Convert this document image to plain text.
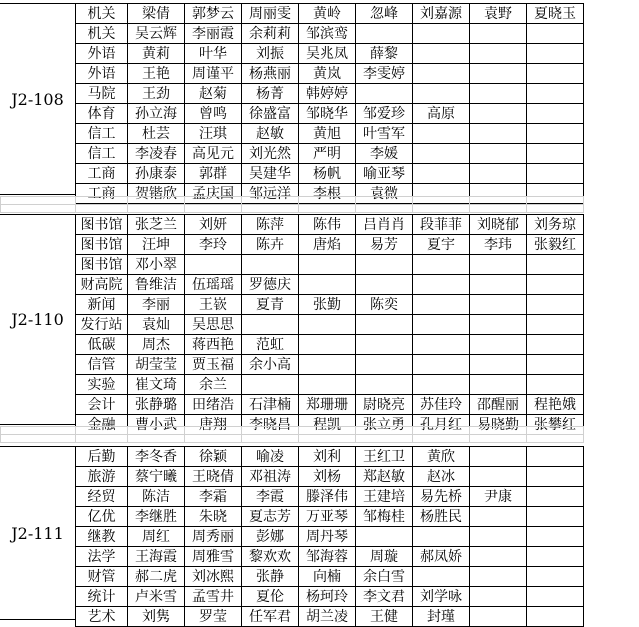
J2-108
机关	梁倩	郭梦云	周丽雯	黄岭	忽峰	刘嘉源	袁野	夏晓玉
机关	吴云辉	李丽霞	余莉莉	邹滨鸾				
外语	黄莉	叶华	刘振	吴兆凤	薛黎			
外语	王艳	周谨平	杨燕丽	黄岚	李雯婷			
马院	王劲	赵菊	杨菁	韩婷婷				
体育	孙立海	曾鸣	徐盛富	邹晓华	邹爱珍	高原		
信工	杜芸	汪琪	赵敏	黄旭	叶雪军			
信工	李凌春	高见元	刘光然	严明	李媛			
工商	孙康泰	郭群	吴建华	杨帆	喻亚琴			
工商	贺锴欣	孟庆国	邹远洋	李根	袁微			
J2-110
图书馆	张芝兰	刘妍	陈萍	陈伟	吕肖肖	段菲菲	刘晓郁	刘务琼
图书馆	汪坤	李玲	陈卉	唐焰	易芳	夏宇	李玮	张毅红
图书馆	邓小翠							
财高院	鲁维洁	伍瑶瑶	罗德庆					
新闻	李丽	王嵚	夏青	张勤	陈奕			
发行站	袁灿	吴思思						
低碳	周杰	蒋西艳	范虹					
信管	胡莹莹	贾玉福	余小高					
实验	崔文琦	余兰						
会计	张静璐	田绪浩	石津楠	郑珊珊	尉晓亮	苏佳玲	邵醒丽	程艳娥
金融	曹小武	唐翔	李晓昌	程凯	张立勇	孔月红	易晓勤	张攀红
J2-111
后勤	李冬香	徐颖	喻凌	刘利	王红卫	黄欣		
旅游	蔡宁曦	王晓倩	邓祖涛	刘杨	郑赵敏	赵冰		
经贸	陈洁	李霜	李霞	滕泽伟	王建培	易先桥	尹康	
亿优	李继胜	朱晓	夏志芳	万亚琴	邹梅桂	杨胜民		
继教	周红	周秀丽	彭娜	周丹琴				
法学	王海霞	周雅雪	黎欢欢	邹海蓉	周璇	郝凤娇		
财管	郝二虎	刘冰熙	张静	向楠	余白雪			
统计	卢米雪	孟雪井	夏伦	杨珂玲	李文君	刘学咏		
艺术	刘隽	罗莹	任军君	胡兰凌	王健	封瑾		
